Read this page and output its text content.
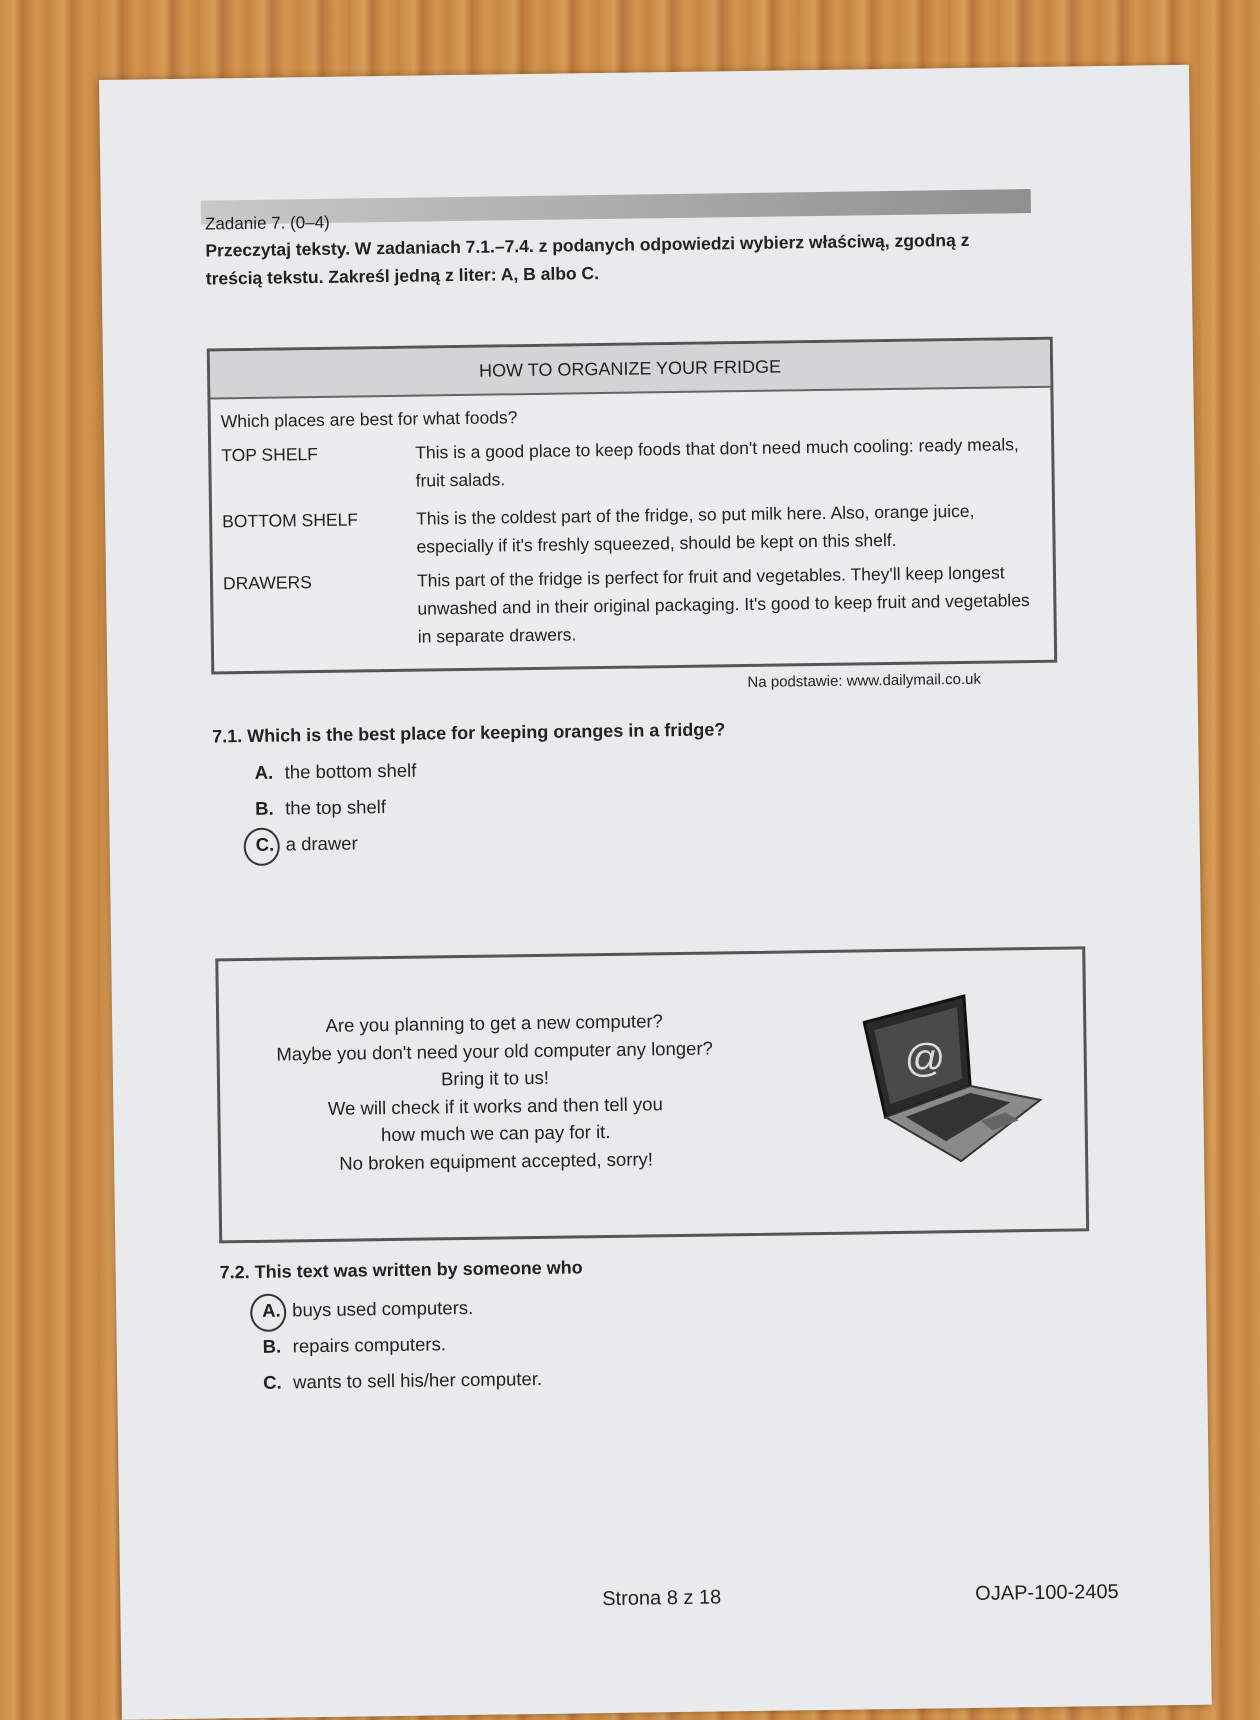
Zadanie 7. (0–4)
Przeczytaj teksty. W zadaniach 7.1.–7.4. z podanych odpowiedzi wybierz właściwą, zgodną z treścią tekstu. Zakreśl jedną z liter: A, B albo C.
HOW TO ORGANIZE YOUR FRIDGE
Which places are best for what foods?
TOP SHELF	This is a good place to keep foods that don't need much cooling: ready meals, fruit salads.
BOTTOM SHELF	This is the coldest part of the fridge, so put milk here. Also, orange juice, especially if it's freshly squeezed, should be kept on this shelf.
DRAWERS	This part of the fridge is perfect for fruit and vegetables. They'll keep longest unwashed and in their original packaging. It's good to keep fruit and vegetables in separate drawers.
Na podstawie: www.dailymail.co.uk
7.1. Which is the best place for keeping oranges in a fridge?
A. the bottom shelf
B. the top shelf
C. a drawer
Are you planning to get a new computer?
Maybe you don't need your old computer any longer?
Bring it to us!
We will check if it works and then tell you
how much we can pay for it.
No broken equipment accepted, sorry!
@
7.2. This text was written by someone who
A. buys used computers.
B. repairs computers.
C. wants to sell his/her computer.
Strona 8 z 18	OJAP-100-2405
